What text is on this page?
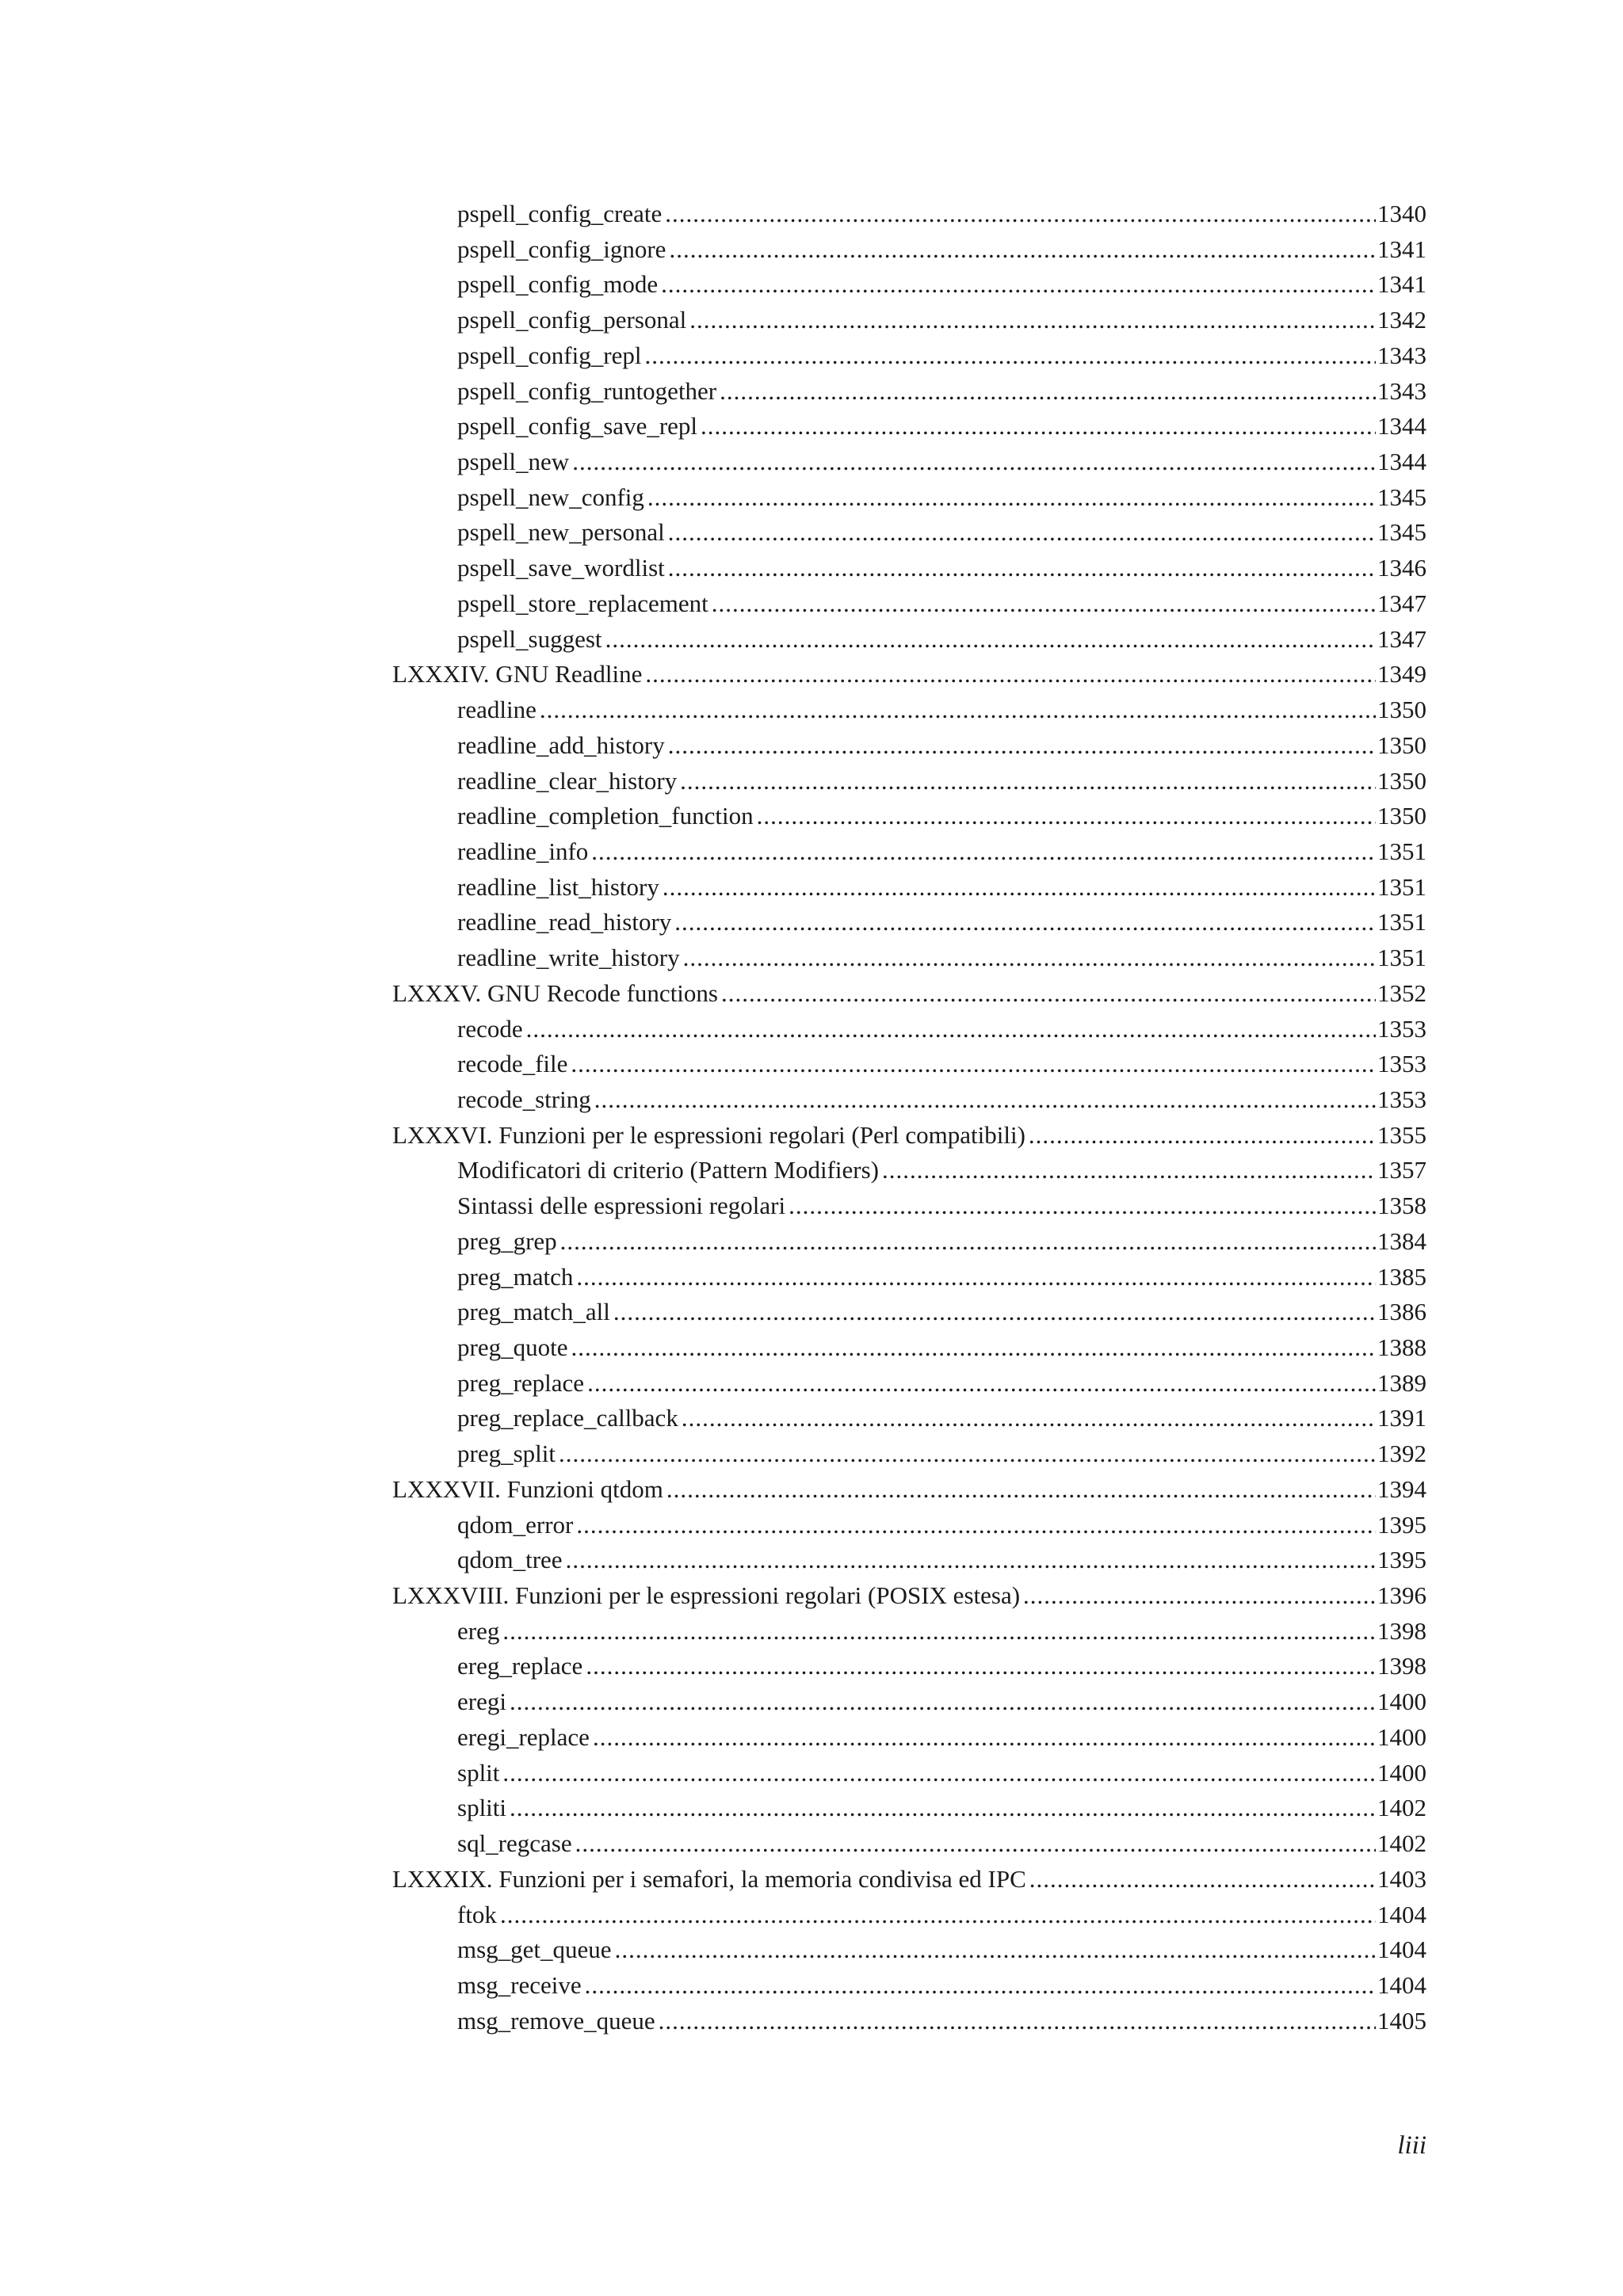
pspell_config_create .....	1340
pspell_config_ignore .....	1341
pspell_config_mode .....	1341
pspell_config_personal .....	1342
pspell_config_repl .....	1343
pspell_config_runtogether .....	1343
pspell_config_save_repl .....	1344
pspell_new .....	1344
pspell_new_config .....	1345
pspell_new_personal .....	1345
pspell_save_wordlist .....	1346
pspell_store_replacement .....	1347
pspell_suggest .....	1347
LXXXIV. GNU Readline .....	1349
readline .....	1350
readline_add_history .....	1350
readline_clear_history .....	1350
readline_completion_function .....	1350
readline_info .....	1351
readline_list_history .....	1351
readline_read_history .....	1351
readline_write_history .....	1351
LXXXV. GNU Recode functions .....	1352
recode .....	1353
recode_file .....	1353
recode_string .....	1353
LXXXVI. Funzioni per le espressioni regolari (Perl compatibili) .....	1355
Modificatori di criterio (Pattern Modifiers) .....	1357
Sintassi delle espressioni regolari .....	1358
preg_grep .....	1384
preg_match .....	1385
preg_match_all .....	1386
preg_quote .....	1388
preg_replace .....	1389
preg_replace_callback .....	1391
preg_split .....	1392
LXXXVII. Funzioni qtdom .....	1394
qdom_error .....	1395
qdom_tree .....	1395
LXXXVIII. Funzioni per le espressioni regolari (POSIX estesa) .....	1396
ereg .....	1398
ereg_replace .....	1398
eregi .....	1400
eregi_replace .....	1400
split .....	1400
spliti .....	1402
sql_regcase .....	1402
LXXXIX. Funzioni per i semafori, la memoria condivisa ed IPC .....	1403
ftok .....	1404
msg_get_queue .....	1404
msg_receive .....	1404
msg_remove_queue .....	1405
liii
